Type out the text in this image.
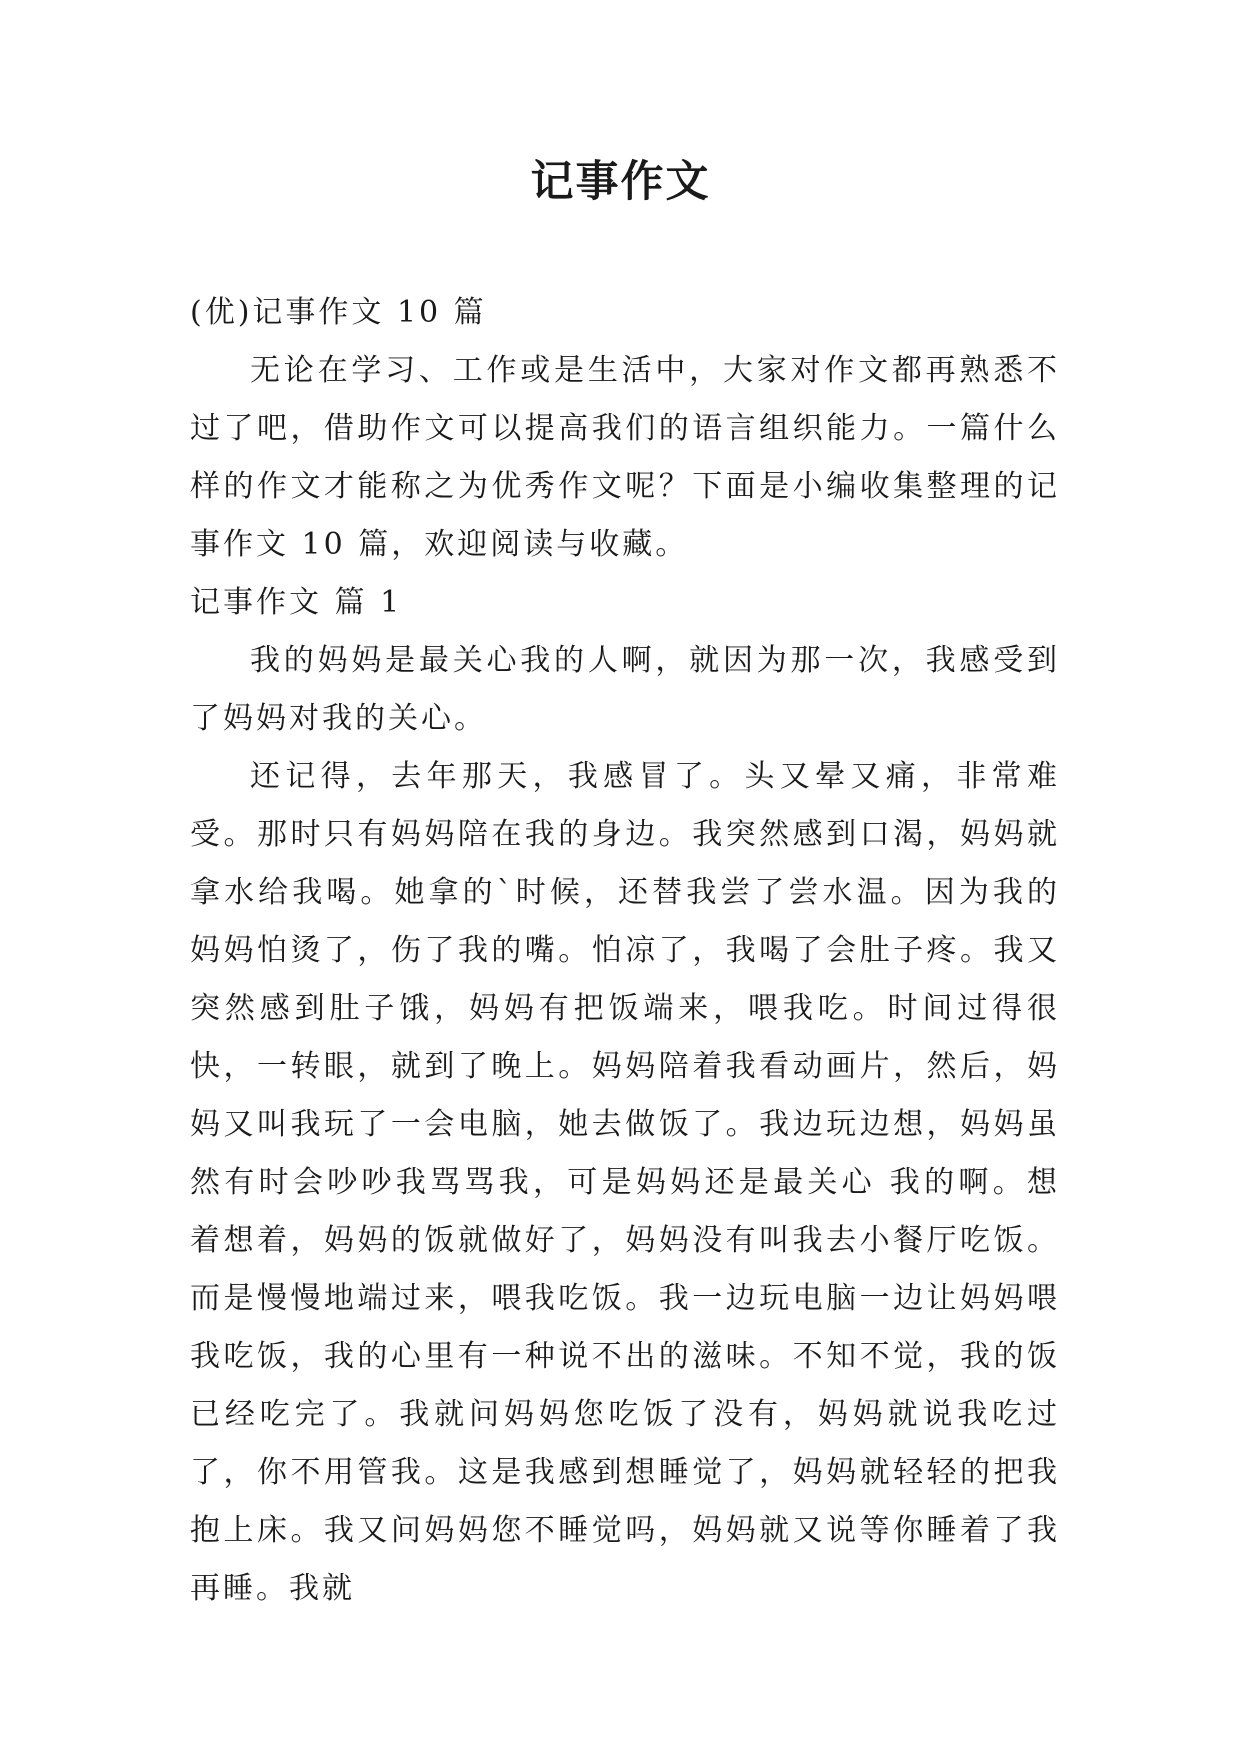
记事作文

(优)记事作文 10 篇

无论在学习、工作或是生活中，大家对作文都再熟悉不过了吧，借助作文可以提高我们的语言组织能力。一篇什么样的作文才能称之为优秀作文呢？下面是小编收集整理的记事作文 10 篇，欢迎阅读与收藏。

记事作文 篇 1

我的妈妈是最关心我的人啊，就因为那一次，我感受到了妈妈对我的关心。

还记得，去年那天，我感冒了。头又晕又痛，非常难受。那时只有妈妈陪在我的身边。我突然感到口渴，妈妈就拿水给我喝。她拿的`时候，还替我尝了尝水温。因为我的妈妈怕烫了，伤了我的嘴。怕凉了，我喝了会肚子疼。我又突然感到肚子饿，妈妈有把饭端来，喂我吃。时间过得很快，一转眼，就到了晚上。妈妈陪着我看动画片，然后，妈妈又叫我玩了一会电脑，她去做饭了。我边玩边想，妈妈虽然有时会吵吵我骂骂我，可是妈妈还是最关心 我的啊。想着想着，妈妈的饭就做好了，妈妈没有叫我去小餐厅吃饭。而是慢慢地端过来，喂我吃饭。我一边玩电脑一边让妈妈喂我吃饭，我的心里有一种说不出的滋味。不知不觉，我的饭已经吃完了。我就问妈妈您吃饭了没有，妈妈就说我吃过了，你不用管我。这是我感到想睡觉了，妈妈就轻轻的把我抱上床。我又问妈妈您不睡觉吗，妈妈就又说等你睡着了我再睡。我就
